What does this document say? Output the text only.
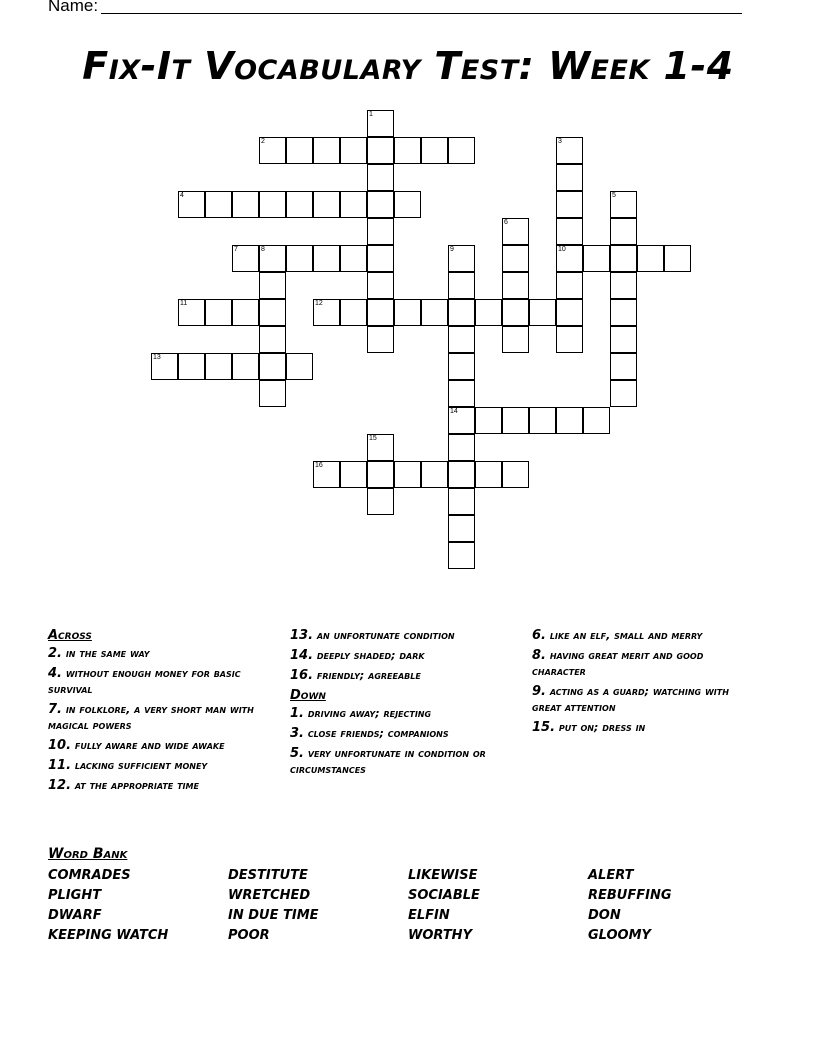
Name:
Fix-It Vocabulary Test: Week 1-4
1
2	3
10
4	5
6
7	8	9
14
11	12
13
15
16
Across
2. in the same way
4. without enough money for basic survival
7. in folklore, a very short man with magical powers
10. fully aware and wide awake
11. lacking sufficient money
12. at the appropriate time
13. an unfortunate condition
14. deeply shaded; dark
16. friendly; agreeable
Down
1. driving away; rejecting
3. close friends; companions
5. very unfortunate in condition or circumstances
6. like an elf, small and merry
8. having great merit and good character
9. acting as a guard; watching with great attention
15. put on; dress in
Word Bank
COMRADES	DESTITUTE	LIKEWISE	ALERT
PLIGHT	WRETCHED	SOCIABLE	REBUFFING
DWARF	IN DUE TIME	ELFIN	DON
KEEPING WATCH	POOR	WORTHY	GLOOMY
